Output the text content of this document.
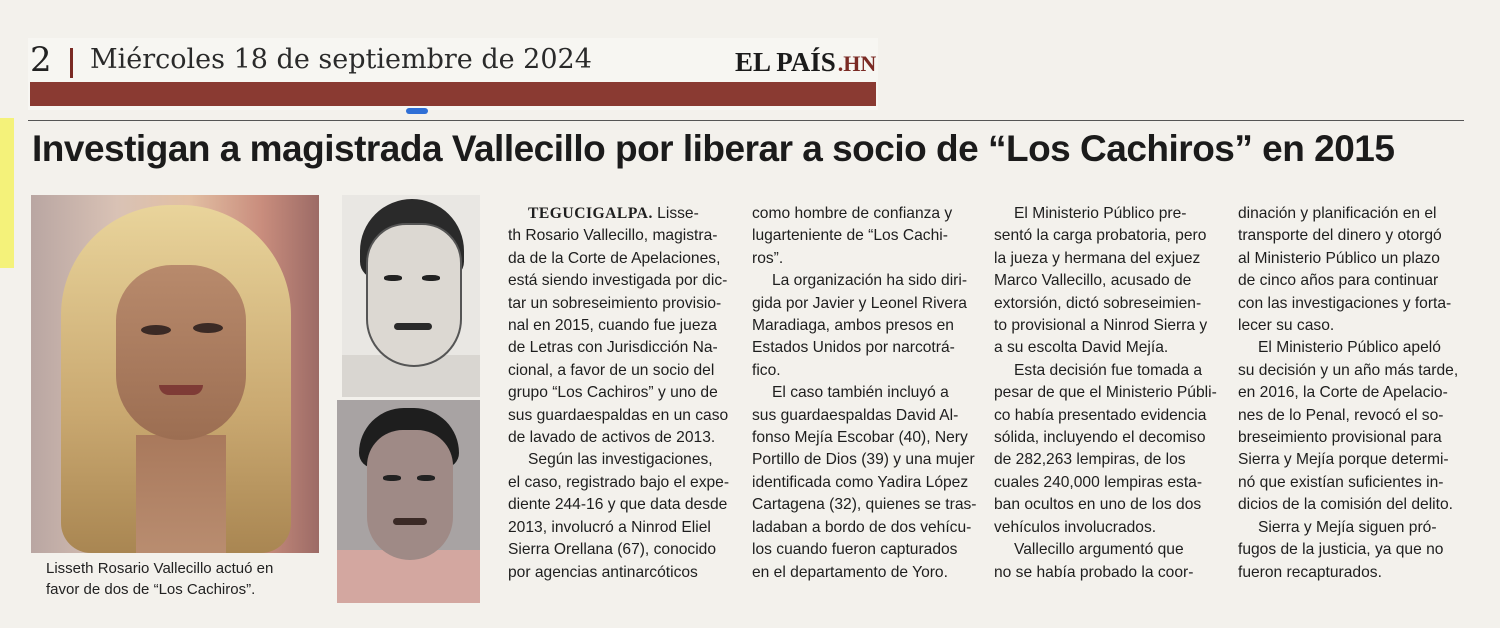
2 Miércoles 18 de septiembre de 2024	EL PAÍS.HN
Investigan a magistrada Vallecillo por liberar a socio de “Los Cachiros” en 2015
Lisseth Rosario Vallecillo actuó en
favor de dos de “Los Cachiros”.
TEGUCIGALPA. Lisse-
th Rosario Vallecillo, magistra-
da de la Corte de Apelaciones,
está siendo investigada por dic-
tar un sobreseimiento provisio-
nal en 2015, cuando fue jueza
de Letras con Jurisdicción Na-
cional, a favor de un socio del
grupo “Los Cachiros” y uno de
sus guardaespaldas en un caso
de lavado de activos de 2013.
Según las investigaciones,
el caso, registrado bajo el expe-
diente 244-16 y que data desde
2013, involucró a Ninrod Eliel
Sierra Orellana (67), conocido
por agencias antinarcóticos
como hombre de confianza y
lugarteniente de “Los Cachi-
ros”.
La organización ha sido diri-
gida por Javier y Leonel Rivera
Maradiaga, ambos presos en
Estados Unidos por narcotrá-
fico.
El caso también incluyó a
sus guardaespaldas David Al-
fonso Mejía Escobar (40), Nery
Portillo de Dios (39) y una mujer
identificada como Yadira López
Cartagena (32), quienes se tras-
ladaban a bordo de dos vehícu-
los cuando fueron capturados
en el departamento de Yoro.
El Ministerio Público pre-
sentó la carga probatoria, pero
la jueza y hermana del exjuez
Marco Vallecillo, acusado de
extorsión, dictó sobreseimien-
to provisional a Ninrod Sierra y
a su escolta David Mejía.
Esta decisión fue tomada a
pesar de que el Ministerio Públi-
co había presentado evidencia
sólida, incluyendo el decomiso
de 282,263 lempiras, de los
cuales 240,000 lempiras esta-
ban ocultos en uno de los dos
vehículos involucrados.
Vallecillo argumentó que
no se había probado la coor-
dinación y planificación en el
transporte del dinero y otorgó
al Ministerio Público un plazo
de cinco años para continuar
con las investigaciones y forta-
lecer su caso.
El Ministerio Público apeló
su decisión y un año más tarde,
en 2016, la Corte de Apelacio-
nes de lo Penal, revocó el so-
breseimiento provisional para
Sierra y Mejía porque determi-
nó que existían suficientes in-
dicios de la comisión del delito.
Sierra y Mejía siguen pró-
fugos de la justicia, ya que no
fueron recapturados.
